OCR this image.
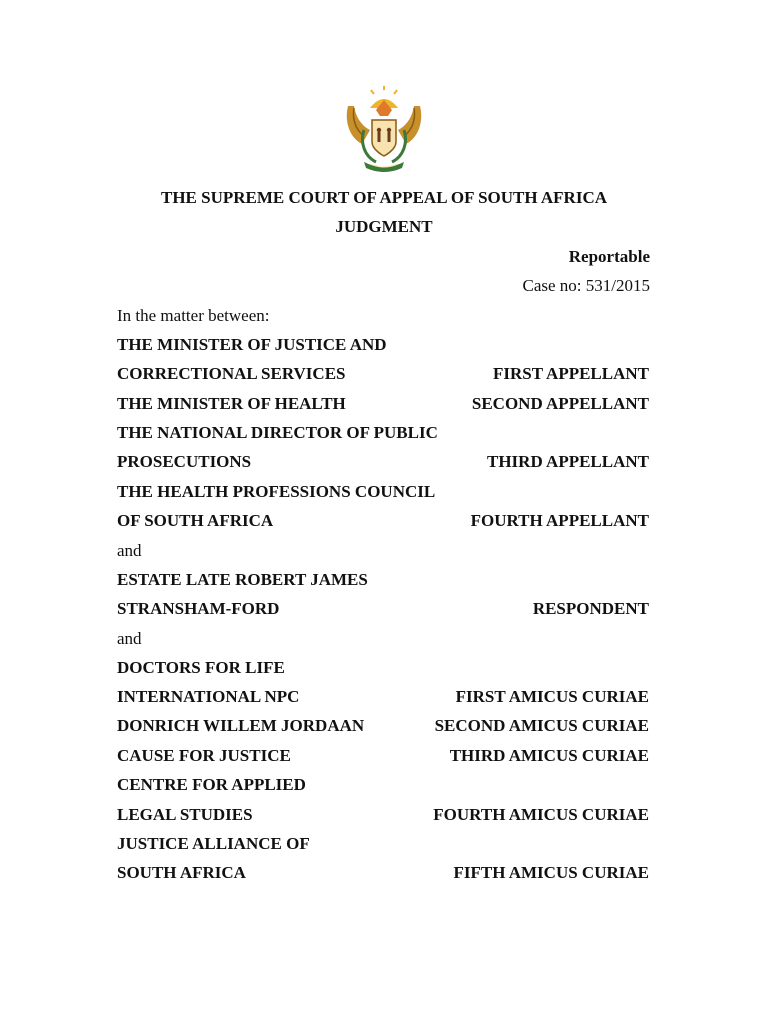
THE SUPREME COURT OF APPEAL OF SOUTH AFRICA
JUDGMENT
Reportable
Case no: 531/2015
In the matter between:
THE MINISTER OF JUSTICE AND
CORRECTIONAL SERVICES	FIRST APPELLANT
THE MINISTER OF HEALTH	SECOND APPELLANT
THE NATIONAL DIRECTOR OF PUBLIC
PROSECUTIONS	THIRD APPELLANT
THE HEALTH PROFESSIONS COUNCIL
OF SOUTH AFRICA	FOURTH APPELLANT
and
ESTATE LATE ROBERT JAMES
STRANSHAM-FORD	RESPONDENT
and
DOCTORS FOR LIFE
INTERNATIONAL NPC	FIRST AMICUS CURIAE
DONRICH WILLEM JORDAAN	SECOND AMICUS CURIAE
CAUSE FOR JUSTICE	THIRD AMICUS CURIAE
CENTRE FOR APPLIED
LEGAL STUDIES	FOURTH AMICUS CURIAE
JUSTICE ALLIANCE OF
SOUTH AFRICA	FIFTH AMICUS CURIAE
